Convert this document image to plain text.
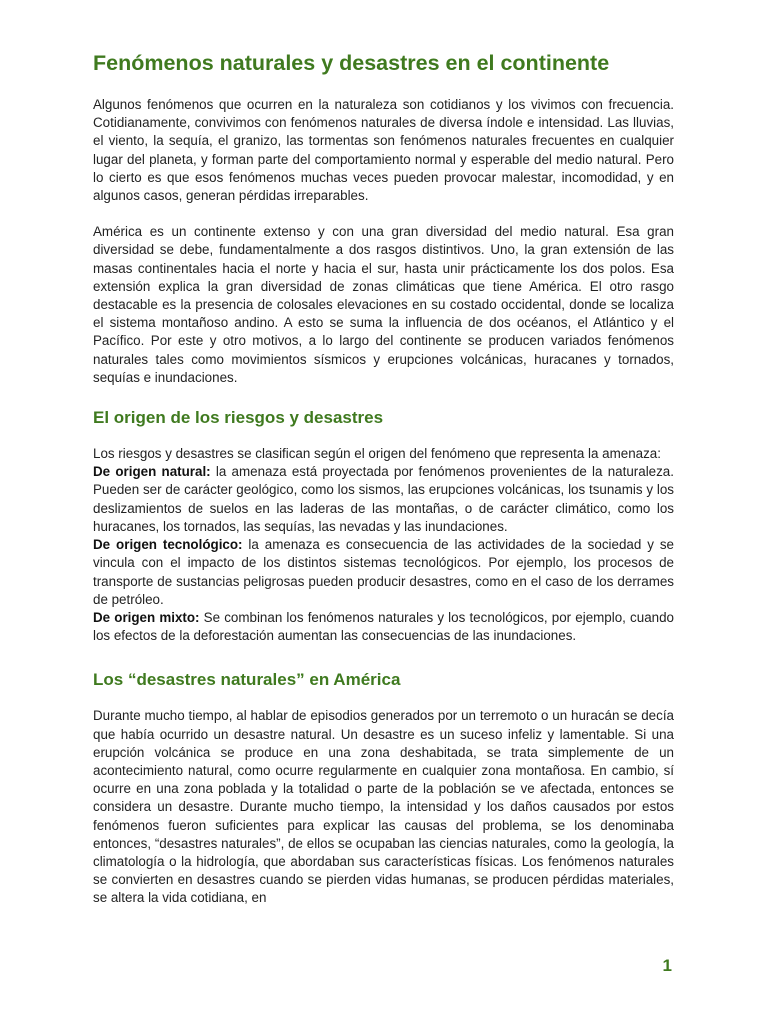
Fenómenos naturales y desastres en el continente

Algunos fenómenos que ocurren en la naturaleza son cotidianos y los vivimos con frecuencia. Cotidianamente, convivimos con fenómenos naturales de diversa índole e intensidad. Las lluvias, el viento, la sequía, el granizo, las tormentas son fenómenos naturales frecuentes en cualquier lugar del planeta, y forman parte del comportamiento normal y esperable del medio natural. Pero lo cierto es que esos fenómenos muchas veces pueden provocar malestar, incomodidad, y en algunos casos, generan pérdidas irreparables.

América es un continente extenso y con una gran diversidad del medio natural. Esa gran diversidad se debe, fundamentalmente a dos rasgos distintivos. Uno, la gran extensión de las masas continentales hacia el norte y hacia el sur, hasta unir prácticamente los dos polos. Esa extensión explica la gran diversidad de zonas climáticas que tiene América. El otro rasgo destacable es la presencia de colosales elevaciones en su costado occidental, donde se localiza el sistema montañoso andino. A esto se suma la influencia de dos océanos, el Atlántico y el Pacífico. Por este y otro motivos, a lo largo del continente se producen variados fenómenos naturales tales como movimientos sísmicos y erupciones volcánicas, huracanes y tornados, sequías e inundaciones.

El origen de los riesgos y desastres

Los riesgos y desastres se clasifican según el origen del fenómeno que representa la amenaza:

De origen natural: la amenaza está proyectada por fenómenos provenientes de la naturaleza. Pueden ser de carácter geológico, como los sismos, las erupciones volcánicas, los tsunamis y los deslizamientos de suelos en las laderas de las montañas, o de carácter climático, como los huracanes, los tornados, las sequías, las nevadas y las inundaciones.

De origen tecnológico: la amenaza es consecuencia de las actividades de la sociedad y se vincula con el impacto de los distintos sistemas tecnológicos. Por ejemplo, los procesos de transporte de sustancias peligrosas pueden producir desastres, como en el caso de los derrames de petróleo.

De origen mixto: Se combinan los fenómenos naturales y los tecnológicos, por ejemplo, cuando los efectos de la deforestación aumentan las consecuencias de las inundaciones.

Los “desastres naturales” en América

Durante mucho tiempo, al hablar de episodios generados por un terremoto o un huracán se decía que había ocurrido un desastre natural. Un desastre es un suceso infeliz y lamentable. Si una erupción volcánica se produce en una zona deshabitada, se trata simplemente de un acontecimiento natural, como ocurre regularmente en cualquier zona montañosa. En cambio, sí ocurre en una zona poblada y la totalidad o parte de la población se ve afectada, entonces se considera un desastre. Durante mucho tiempo, la intensidad y los daños causados por estos fenómenos fueron suficientes para explicar las causas del problema, se los denominaba entonces, “desastres naturales”, de ellos se ocupaban las ciencias naturales, como la geología, la climatología o la hidrología, que abordaban sus características físicas. Los fenómenos naturales se convierten en desastres cuando se pierden vidas humanas, se producen pérdidas materiales, se altera la vida cotidiana, en

1
